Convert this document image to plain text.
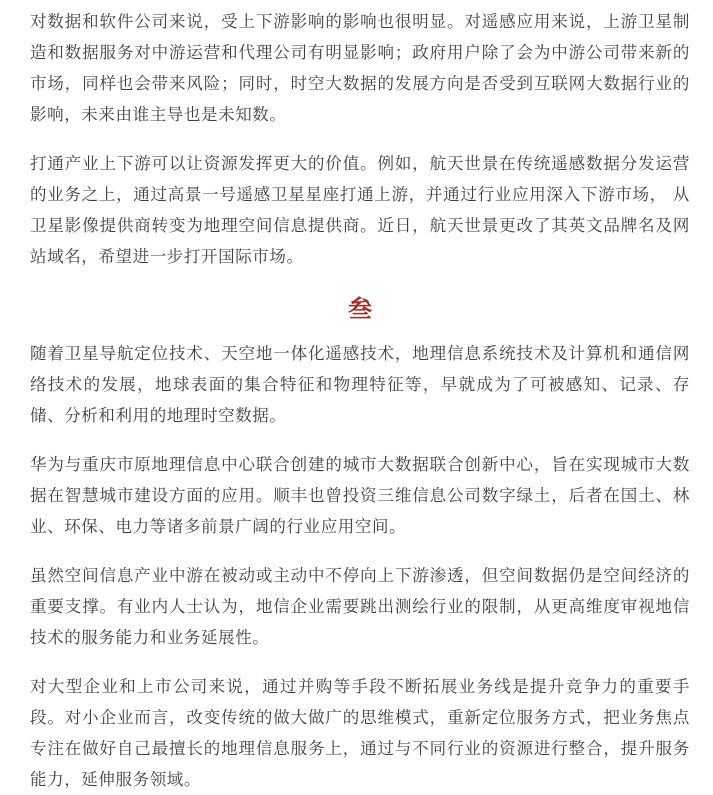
对数据和软件公司来说，受上下游影响的影响也很明显。对遥感应用来说，上游卫星制造和数据服务对中游运营和代理公司有明显影响；政府用户除了会为中游公司带来新的市场，同样也会带来风险；同时，时空大数据的发展方向是否受到互联网大数据行业的影响，未来由谁主导也是未知数。

打通产业上下游可以让资源发挥更大的价值。例如，航天世景在传统遥感数据分发运营的业务之上，通过高景一号遥感卫星星座打通上游，并通过行业应用深入下游市场， 从卫星影像提供商转变为地理空间信息提供商。近日，航天世景更改了其英文品牌名及网站域名，希望进一步打开国际市场。

叁

随着卫星导航定位技术、天空地一体化遥感技术，地理信息系统技术及计算机和通信网络技术的发展，地球表面的集合特征和物理特征等，早就成为了可被感知、记录、存储、分析和利用的地理时空数据。

华为与重庆市原地理信息中心联合创建的城市大数据联合创新中心，旨在实现城市大数据在智慧城市建设方面的应用。顺丰也曾投资三维信息公司数字绿土，后者在国土、林业、环保、电力等诸多前景广阔的行业应用空间。

虽然空间信息产业中游在被动或主动中不停向上下游渗透，但空间数据仍是空间经济的重要支撑。有业内人士认为，地信企业需要跳出测绘行业的限制，从更高维度审视地信技术的服务能力和业务延展性。

对大型企业和上市公司来说，通过并购等手段不断拓展业务线是提升竞争力的重要手段。对小企业而言，改变传统的做大做广的思维模式，重新定位服务方式，把业务焦点专注在做好自己最擅长的地理信息服务上，通过与不同行业的资源进行整合，提升服务能力，延伸服务领域。
